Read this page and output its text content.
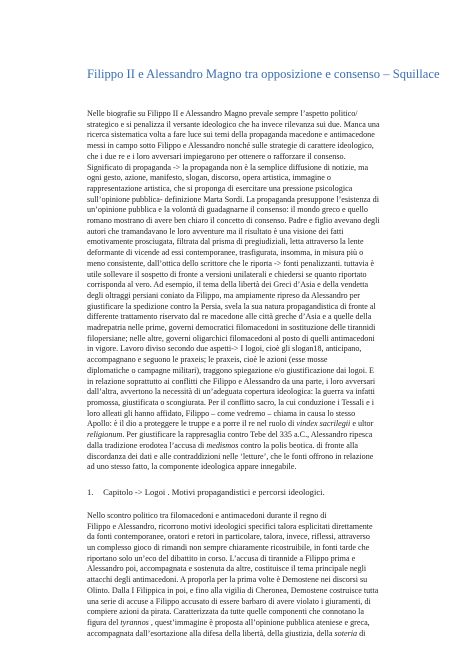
Filippo II e Alessandro Magno tra opposizione e consenso – Squillace
Nelle biografie su Filippo II e Alessandro Magno prevale sempre l’aspetto politico/
strategico e si penalizza il versante ideologico che ha invece rilevanza sui due. Manca una
ricerca sistematica volta a fare luce sui temi della propaganda macedone e antimacedone
messi in campo sotto Filippo e Alessandro nonché sulle strategie di carattere ideologico,
che i due re e i loro avversari impiegarono per ottenere o rafforzare il consenso.
Significato di propaganda -> la propaganda non è la semplice diffusione di notizie, ma
ogni gesto, azione, manifesto, slogan, discorso, opera artistica, immagine o
rappresentazione artistica, che si proponga di esercitare una pressione psicologica
sull’opinione pubblica- definizione Marta Sordi. La propaganda presuppone l’esistenza di
un’opinione pubblica e la volontà di guadagnarne il consenso: il mondo greco e quello
romano mostrano di avere ben chiaro il concetto di consenso. Padre e figlio avevano degli
autori che tramandavano le loro avventure ma il risultato è una visione dei fatti
emotivamente prosciugata, filtrata dal prisma di pregiudiziali, letta attraverso la lente
deformante di vicende ad essi contemporanee, trasfigurata, insomma, in misura più o
meno consistente, dall’ottica dello scrittore che le riporta -> fonti penalizzanti. tuttavia è
utile sollevare il sospetto di fronte a versioni unilaterali e chiedersi se quanto riportato
corrisponda al vero. Ad esempio, il tema della libertà dei Greci d’Asia e della vendetta
degli oltraggi persiani coniato da Filippo, ma ampiamente ripreso da Alessandro per
giustificare la spedizione contro la Persia, svela la sua natura propagandistica di fronte al
differente trattamento riservato dal re macedone alle città greche d’Asia e a quelle della
madrepatria nelle prime, governi democratici filomacedoni in sostituzione delle tirannidi
filopersiane; nelle altre, governi oligarchici filomacedoni al posto di quelli antimacedoni
in vigore. Lavoro diviso secondo due aspetti-> I logoi, cioè gli slogan18, anticipano,
accompagnano e seguono le praxeis; le praxeis, cioè le azioni (esse mosse
diplomatiche o campagne militari), traggono spiegazione e/o giustificazione dai logoi. E
in relazione soprattutto ai conflitti che Filippo e Alessandro da una parte, i loro avversari
dall’altra, avvertono la necessità di un’adeguata copertura ideologica: la guerra va infatti
promossa, giustificata o scongiurata. Per il conflitto sacro, la cui conduzione i Tessali e i
loro alleati gli hanno affidato, Filippo – come vedremo – chiama in causa lo stesso
Apollo: è il dio a proteggere le truppe e a porre il re nel ruolo di vindex sacrilegii e ultor
religionum. Per giustificare la rappresaglia contro Tebe del 335 a.C., Alessandro ripesca
dalla tradizione erodotea l’accusa di medismos contro la polis beotica. di fronte alla
discordanza dei dati e alle contraddizioni nelle ‘letture’, che le fonti offrono in relazione
ad uno stesso fatto, la componente ideologica appare innegabile.
1. Capitolo -> Logoi . Motivi propagandistici e percorsi ideologici.
Nello scontro politico tra filomacedoni e antimacedoni durante il regno di
Filippo e Alessandro, ricorrono motivi ideologici specifici talora esplicitati direttamente
da fonti contemporanee, oratori e retori in particolare, talora, invece, riflessi, attraverso
un complesso gioco di rimandi non sempre chiaramente ricostruibile, in fonti tarde che
riportano solo un’eco del dibattito in corso. L’accusa di tirannide a Filippo prima e
Alessandro poi, accompagnata e sostenuta da altre, costituisce il tema principale negli
attacchi degli antimacedoni. A proporla per la prima volte è Demostene nei discorsi su
Olinto. Dalla I Filippica in poi, e fino alla vigilia di Cheronea, Demostene costruisce tutta
una serie di accuse a Filippo accusato di essere barbaro di avere violato i giuramenti, di
compiere azioni da pirata. Caratterizzata da tutte quelle componenti che connotano la
figura del tyrannos , quest’immagine è proposta all’opinione pubblica ateniese e greca,
accompagnata dall’esortazione alla difesa della libertà, della giustizia, della soteria di
